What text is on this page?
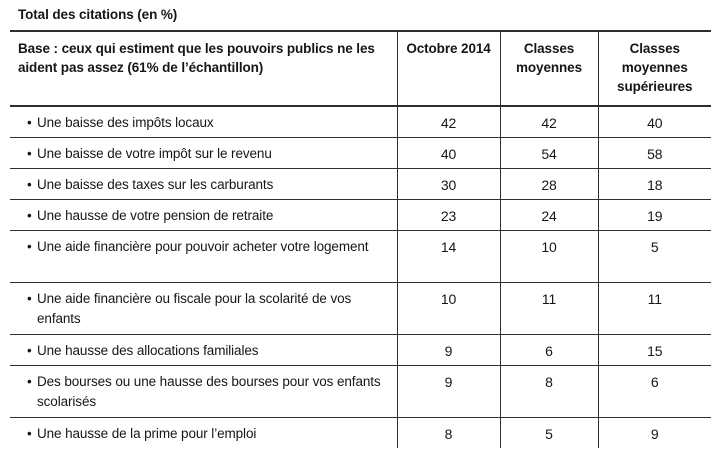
Total des citations (en %)
Base : ceux qui estiment que les pouvoirs publics ne les aident pas assez (61% de l’échantillon)	Octobre 2014	Classes moyennes	Classes moyennes supérieures

•
Une baisse des impôts locaux	42	42	40

•
Une baisse de votre impôt sur le revenu	40	54	58

•
Une baisse des taxes sur les carburants	30	28	18

•
Une hausse de votre pension de retraite	23	24	19

•
Une aide financière pour pouvoir acheter votre logement	14	10	5

•
Une aide financière ou fiscale pour la scolarité de vos enfants	10	11	11

•
Une hausse des allocations familiales	9	6	15

•
Des bourses ou une hausse des bourses pour vos enfants scolarisés	9	8	6

•
Une hausse de la prime pour l’emploi	8	5	9
